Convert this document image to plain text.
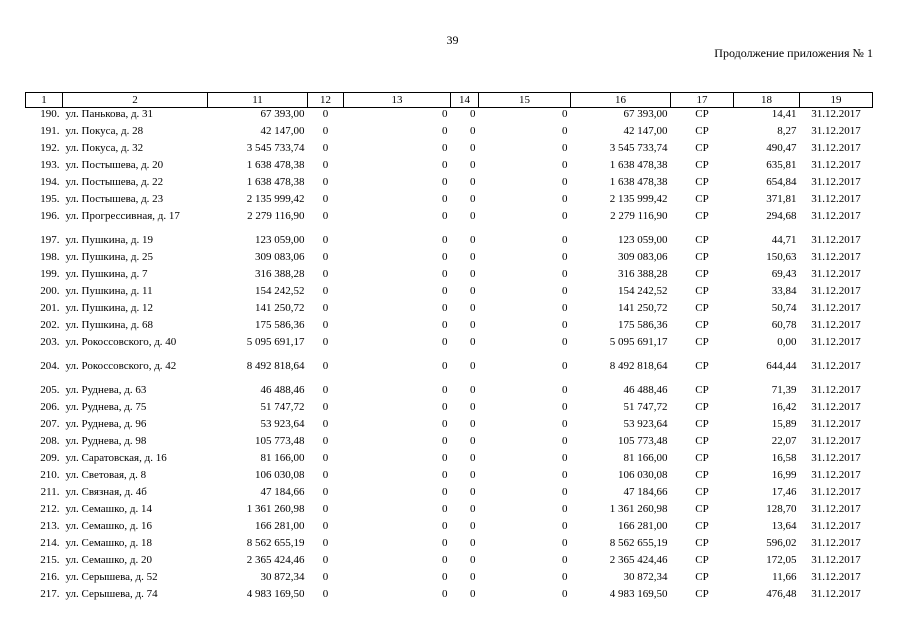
39
Продолжение приложения № 1
1	2	11	12	13	14	15	16	17	18	19
190.	ул. Панькова, д. 31	67 393,00	0	0	0	0	67 393,00	СР	14,41	31.12.2017
191.	ул. Покуса, д. 28	42 147,00	0	0	0	0	42 147,00	СР	8,27	31.12.2017
192.	ул. Покуса, д. 32	3 545 733,74	0	0	0	0	3 545 733,74	СР	490,47	31.12.2017
193.	ул. Постышева, д. 20	1 638 478,38	0	0	0	0	1 638 478,38	СР	635,81	31.12.2017
194.	ул. Постышева, д. 22	1 638 478,38	0	0	0	0	1 638 478,38	СР	654,84	31.12.2017
195.	ул. Постышева, д. 23	2 135 999,42	0	0	0	0	2 135 999,42	СР	371,81	31.12.2017
196.	ул. Прогрессивная, д. 17	2 279 116,90	0	0	0	0	2 279 116,90	СР	294,68	31.12.2017
197.	ул. Пушкина, д. 19	123 059,00	0	0	0	0	123 059,00	СР	44,71	31.12.2017
198.	ул. Пушкина, д. 25	309 083,06	0	0	0	0	309 083,06	СР	150,63	31.12.2017
199.	ул. Пушкина, д. 7	316 388,28	0	0	0	0	316 388,28	СР	69,43	31.12.2017
200.	ул. Пушкина, д. 11	154 242,52	0	0	0	0	154 242,52	СР	33,84	31.12.2017
201.	ул. Пушкина, д. 12	141 250,72	0	0	0	0	141 250,72	СР	50,74	31.12.2017
202.	ул. Пушкина, д. 68	175 586,36	0	0	0	0	175 586,36	СР	60,78	31.12.2017
203.	ул. Рокоссовского, д. 40	5 095 691,17	0	0	0	0	5 095 691,17	СР	0,00	31.12.2017
204.	ул. Рокоссовского, д. 42	8 492 818,64	0	0	0	0	8 492 818,64	СР	644,44	31.12.2017
205.	ул. Руднева, д. 63	46 488,46	0	0	0	0	46 488,46	СР	71,39	31.12.2017
206.	ул. Руднева, д. 75	51 747,72	0	0	0	0	51 747,72	СР	16,42	31.12.2017
207.	ул. Руднева, д. 96	53 923,64	0	0	0	0	53 923,64	СР	15,89	31.12.2017
208.	ул. Руднева, д. 98	105 773,48	0	0	0	0	105 773,48	СР	22,07	31.12.2017
209.	ул. Саратовская, д. 16	81 166,00	0	0	0	0	81 166,00	СР	16,58	31.12.2017
210.	ул. Световая, д. 8	106 030,08	0	0	0	0	106 030,08	СР	16,99	31.12.2017
211.	ул. Связная, д. 4б	47 184,66	0	0	0	0	47 184,66	СР	17,46	31.12.2017
212.	ул. Семашко, д. 14	1 361 260,98	0	0	0	0	1 361 260,98	СР	128,70	31.12.2017
213.	ул. Семашко, д. 16	166 281,00	0	0	0	0	166 281,00	СР	13,64	31.12.2017
214.	ул. Семашко, д. 18	8 562 655,19	0	0	0	0	8 562 655,19	СР	596,02	31.12.2017
215.	ул. Семашко, д. 20	2 365 424,46	0	0	0	0	2 365 424,46	СР	172,05	31.12.2017
216.	ул. Серышева, д. 52	30 872,34	0	0	0	0	30 872,34	СР	11,66	31.12.2017
217.	ул. Серышева, д. 74	4 983 169,50	0	0	0	0	4 983 169,50	СР	476,48	31.12.2017
